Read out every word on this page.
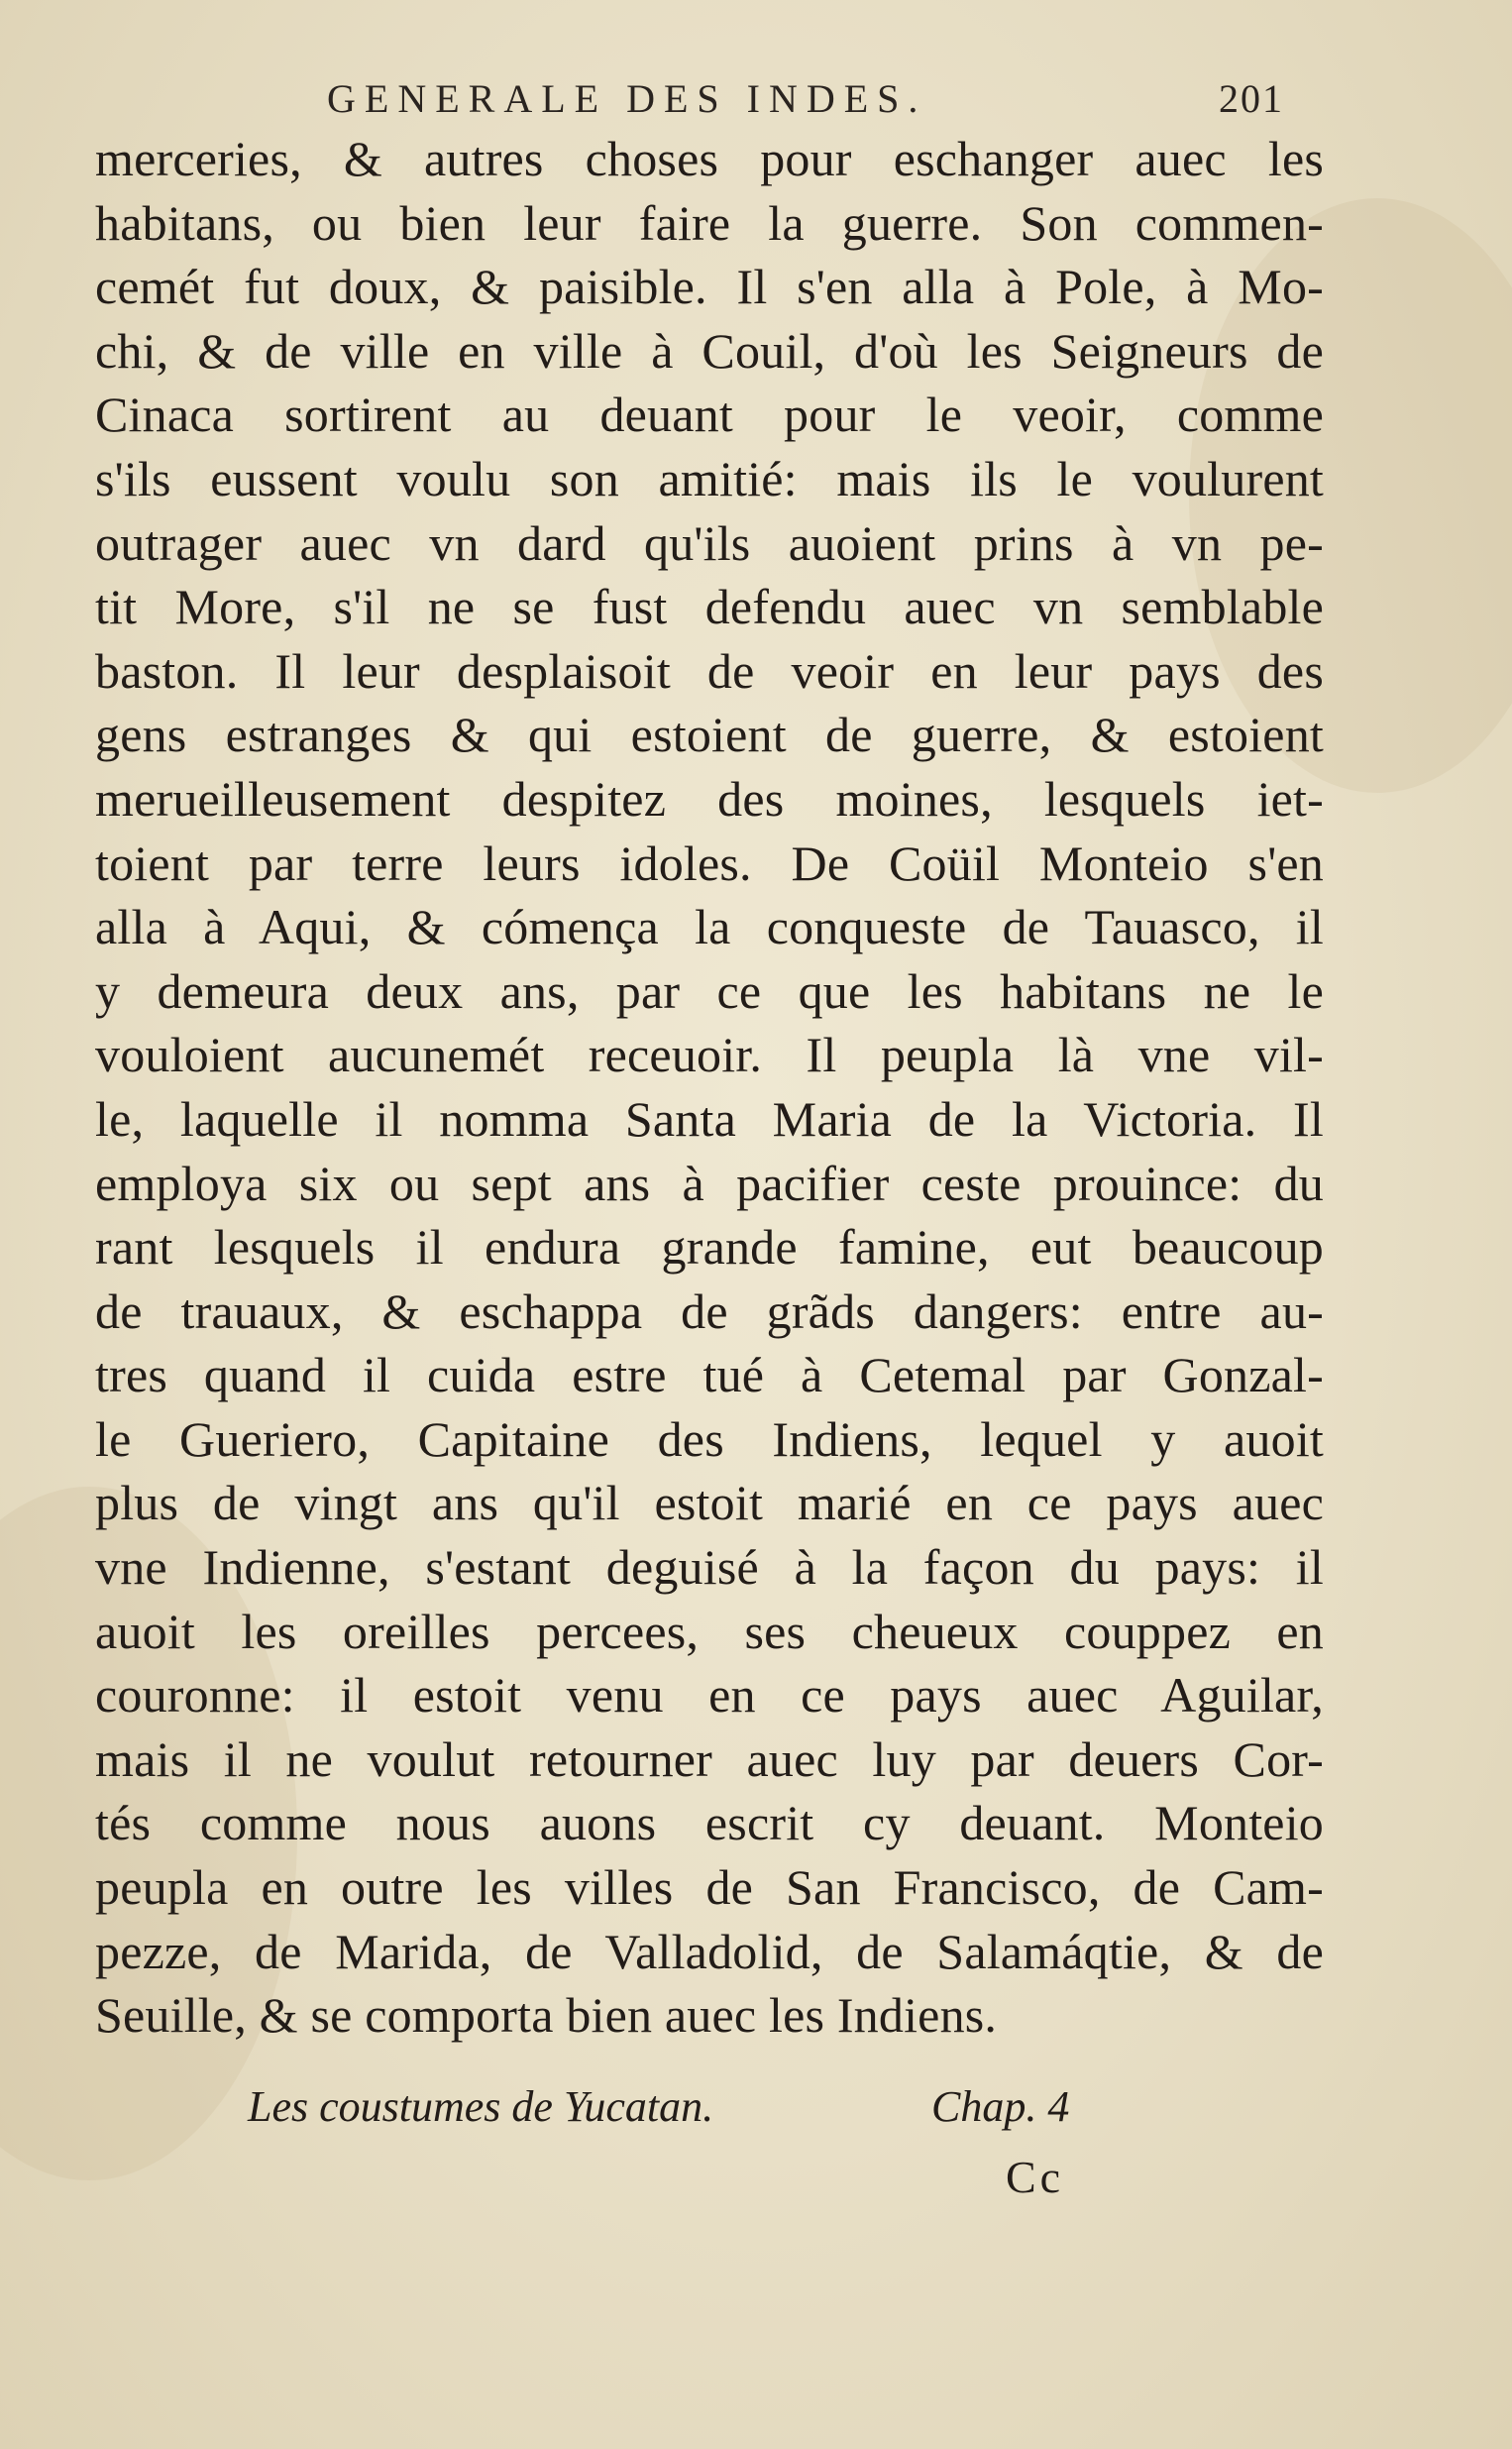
GENERALE DES INDES.	201
merceries, & autres choses pour eschanger auec les
habitans, ou bien leur faire la guerre. Son commen-
cemét fut doux, & paisible. Il s'en alla à Pole, à Mo-
chi, & de ville en ville à Couil, d'où les Seigneurs de
Cinaca sortirent au deuant pour le veoir, comme
s'ils eussent voulu son amitié: mais ils le voulurent
outrager auec vn dard qu'ils auoient prins à vn pe-
tit More, s'il ne se fust defendu auec vn semblable
baston. Il leur desplaisoit de veoir en leur pays des
gens estranges & qui estoient de guerre, & estoient
merueilleusement despitez des moines, lesquels iet-
toient par terre leurs idoles. De Coüil Monteio s'en
alla à Aqui, & cómença la conqueste de Tauasco, il
y demeura deux ans, par ce que les habitans ne le
vouloient aucunemét receuoir. Il peupla là vne vil-
le, laquelle il nomma Santa Maria de la Victoria. Il
employa six ou sept ans à pacifier ceste prouince: du
rant lesquels il endura grande famine, eut beaucoup
de trauaux, & eschappa de grãds dangers: entre au-
tres quand il cuida estre tué à Cetemal par Gonzal-
le Gueriero, Capitaine des Indiens, lequel y auoit
plus de vingt ans qu'il estoit marié en ce pays auec
vne Indienne, s'estant deguisé à la façon du pays: il
auoit les oreilles percees, ses cheueux couppez en
couronne: il estoit venu en ce pays auec Aguilar,
mais il ne voulut retourner auec luy par deuers Cor-
tés comme nous auons escrit cy deuant. Monteio
peupla en outre les villes de San Francisco, de Cam-
pezze, de Marida, de Valladolid, de Salamáqtie, & de
Seuille, & se comporta bien auec les Indiens.
Les coustumes de Yucatan.	Chap. 4
Cc
